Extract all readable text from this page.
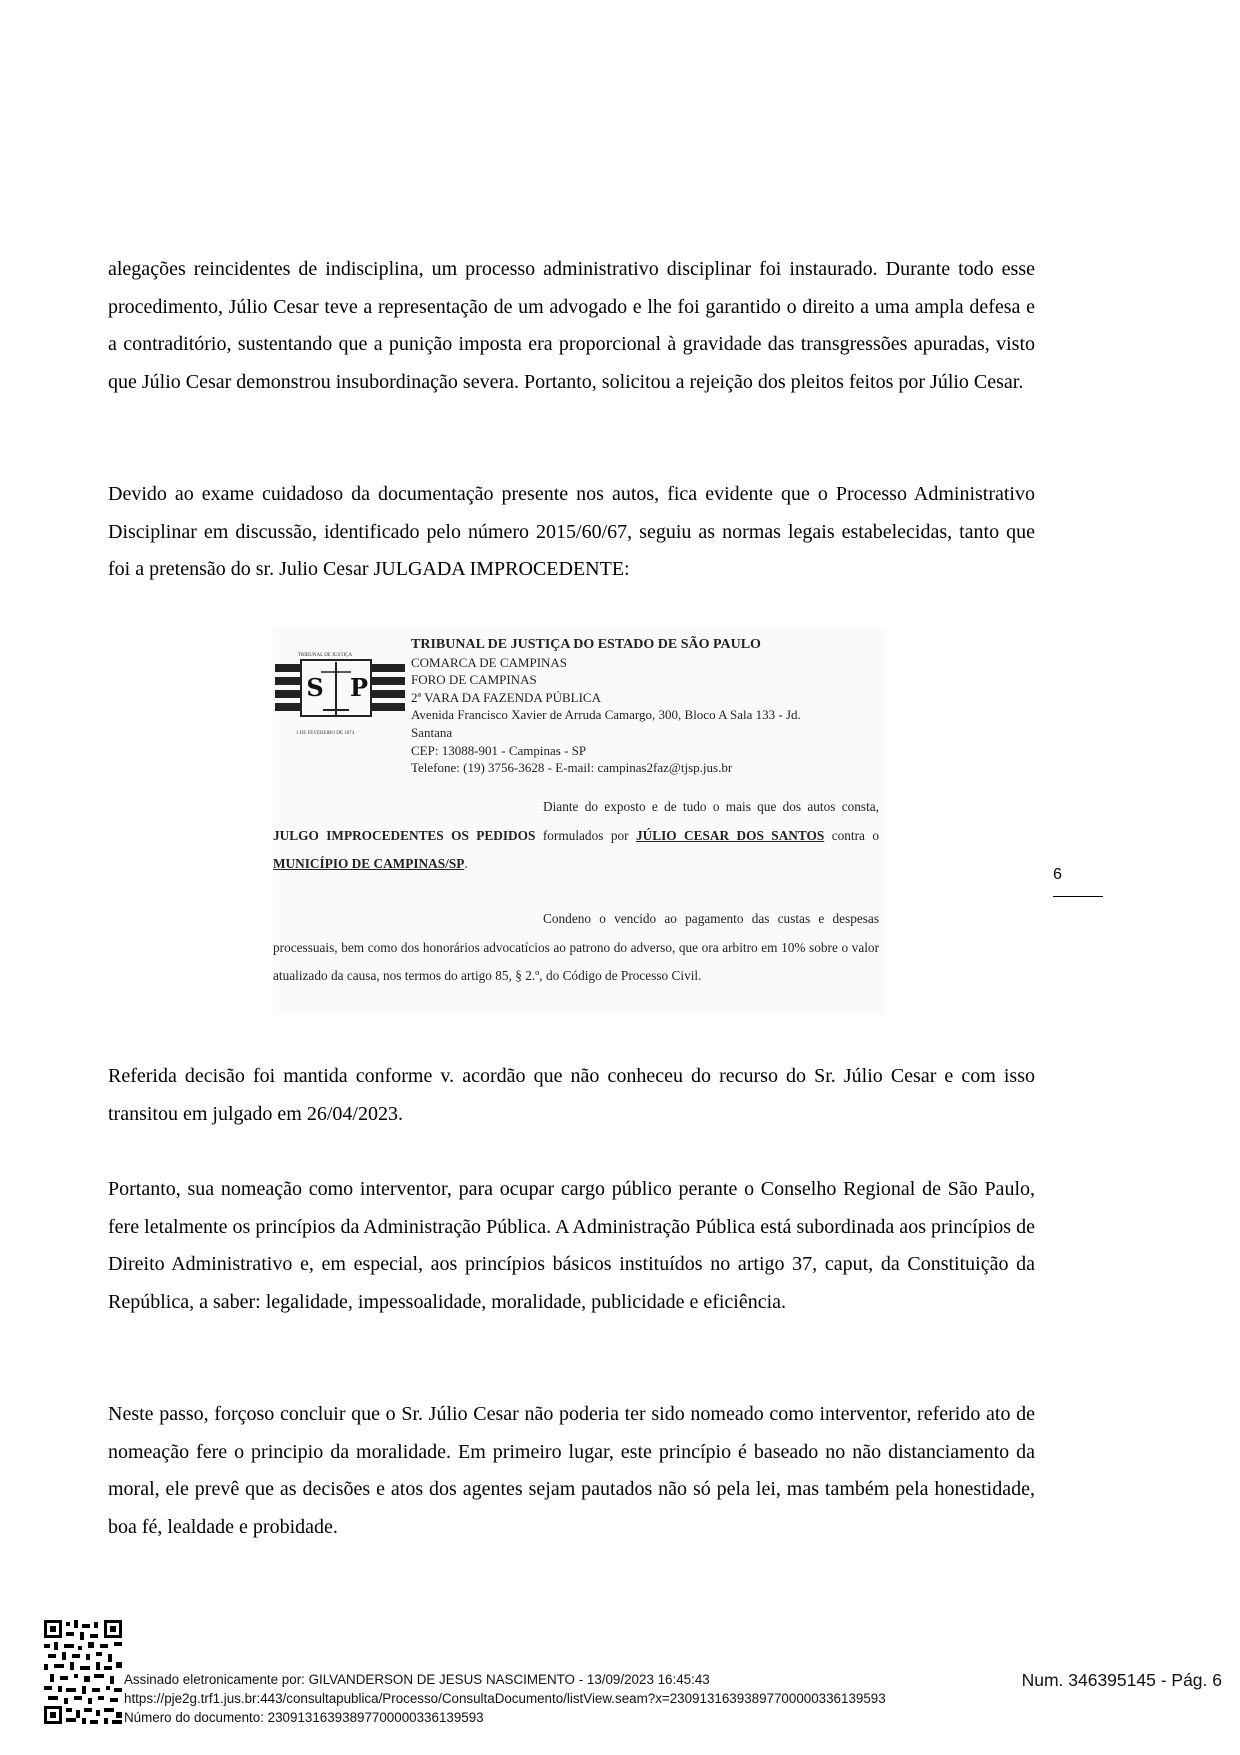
alegações reincidentes de indisciplina, um processo administrativo disciplinar foi instaurado. Durante todo esse procedimento, Júlio Cesar teve a representação de um advogado e lhe foi garantido o direito a uma ampla defesa e a contraditório, sustentando que a punição imposta era proporcional à gravidade das transgressões apuradas, visto que Júlio Cesar demonstrou insubordinação severa. Portanto, solicitou a rejeição dos pleitos feitos por Júlio Cesar.

Devido ao exame cuidadoso da documentação presente nos autos, fica evidente que o Processo Administrativo Disciplinar em discussão, identificado pelo número 2015/60/67, seguiu as normas legais estabelecidas, tanto que foi a pretensão do sr. Julio Cesar JULGADA IMPROCEDENTE:

TRIBUNAL DE JUSTIÇA
S P
1 DE FEVEREIRO DE 1874
TRIBUNAL DE JUSTIÇA DO ESTADO DE SÃO PAULO
COMARCA DE CAMPINAS
FORO DE CAMPINAS
2ª VARA DA FAZENDA PÚBLICA
Avenida Francisco Xavier de Arruda Camargo, 300, Bloco A Sala 133 - Jd.
Santana
CEP: 13088-901 - Campinas - SP
Telefone: (19) 3756-3628 - E-mail: campinas2faz@tjsp.jus.br
Diante do exposto e de tudo o mais que dos autos consta, JULGO IMPROCEDENTES OS PEDIDOS formulados por JÚLIO CESAR DOS SANTOS contra o MUNICÍPIO DE CAMPINAS/SP.
Condeno o vencido ao pagamento das custas e despesas processuais, bem como dos honorários advocatícios ao patrono do adverso, que ora arbitro em 10% sobre o valor atualizado da causa, nos termos do artigo 85, § 2.º, do Código de Processo Civil.
6

Referida decisão foi mantida conforme v. acordão que não conheceu do recurso do Sr. Júlio Cesar e com isso transitou em julgado em 26/04/2023.

Portanto, sua nomeação como interventor, para ocupar cargo público perante o Conselho Regional de São Paulo, fere letalmente os princípios da Administração Pública. A Administração Pública está subordinada aos princípios de Direito Administrativo e, em especial, aos princípios básicos instituídos no artigo 37, caput, da Constituição da República, a saber: legalidade, impessoalidade, moralidade, publicidade e eficiência.

Neste passo, forçoso concluir que o Sr. Júlio Cesar não poderia ter sido nomeado como interventor, referido ato de nomeação fere o principio da moralidade. Em primeiro lugar, este princípio é baseado no não distanciamento da moral, ele prevê que as decisões e atos dos agentes sejam pautados não só pela lei, mas também pela honestidade, boa fé, lealdade e probidade.

Assinado eletronicamente por: GILVANDERSON DE JESUS NASCIMENTO - 13/09/2023 16:45:43
https://pje2g.trf1.jus.br:443/consultapublica/Processo/ConsultaDocumento/listView.seam?x=23091316393897700000336139593
Número do documento: 23091316393897700000336139593
Num. 346395145 - Pág. 6
